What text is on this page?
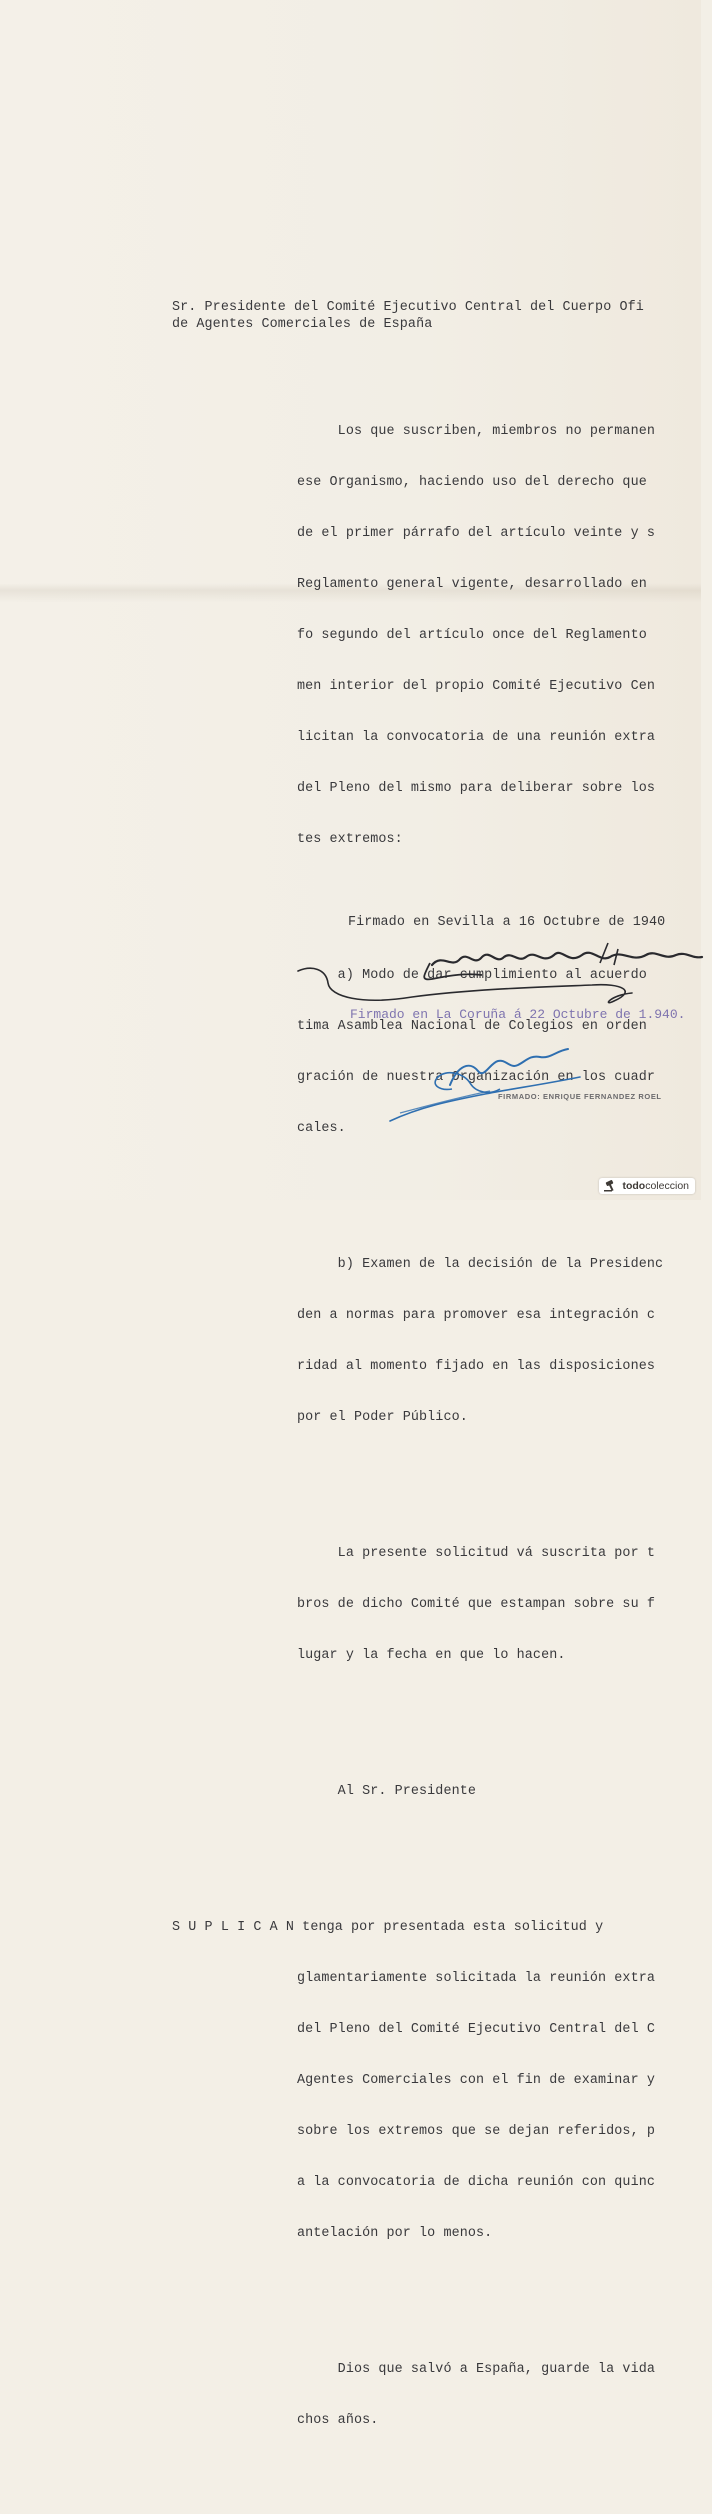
Sr. Presidente del Comité Ejecutivo Central del Cuerpo Ofi
de Agentes Comerciales de España

Los que suscriben, miembros no permanen

ese Organismo, haciendo uso del derecho que

de el primer párrafo del artículo veinte y s

Reglamento general vigente, desarrollado en

fo segundo del artículo once del Reglamento

men interior del propio Comité Ejecutivo Cen

licitan la convocatoria de una reunión extra

del Pleno del mismo para deliberar sobre los

tes extremos:

a) Modo de dar cumplimiento al acuerdo

tima Asamblea Nacional de Colegios en orden

gración de nuestra Organización en los cuadr

cales.

b) Examen de la decisión de la Presidenc

den a normas para promover esa integración c

ridad al momento fijado en las disposiciones

por el Poder Público.

La presente solicitud vá suscrita por t

bros de dicho Comité que estampan sobre su f

lugar y la fecha en que lo hacen.

Al Sr. Presidente

S U P L I C A N tenga por presentada esta solicitud y

glamentariamente solicitada la reunión extra

del Pleno del Comité Ejecutivo Central del C

Agentes Comerciales con el fin de examinar y

sobre los extremos que se dejan referidos, p

a la convocatoria de dicha reunión con quinc

antelación por lo menos.

Dios que salvó a España, guarde la vida

chos años.

Firmado en Sevilla a 16 Octubre de 1940
Firmado en La Coruña á 22 Octubre de 1.940.
FIRMADO: ENRIQUE FERNANDEZ ROEL
todo coleccion
